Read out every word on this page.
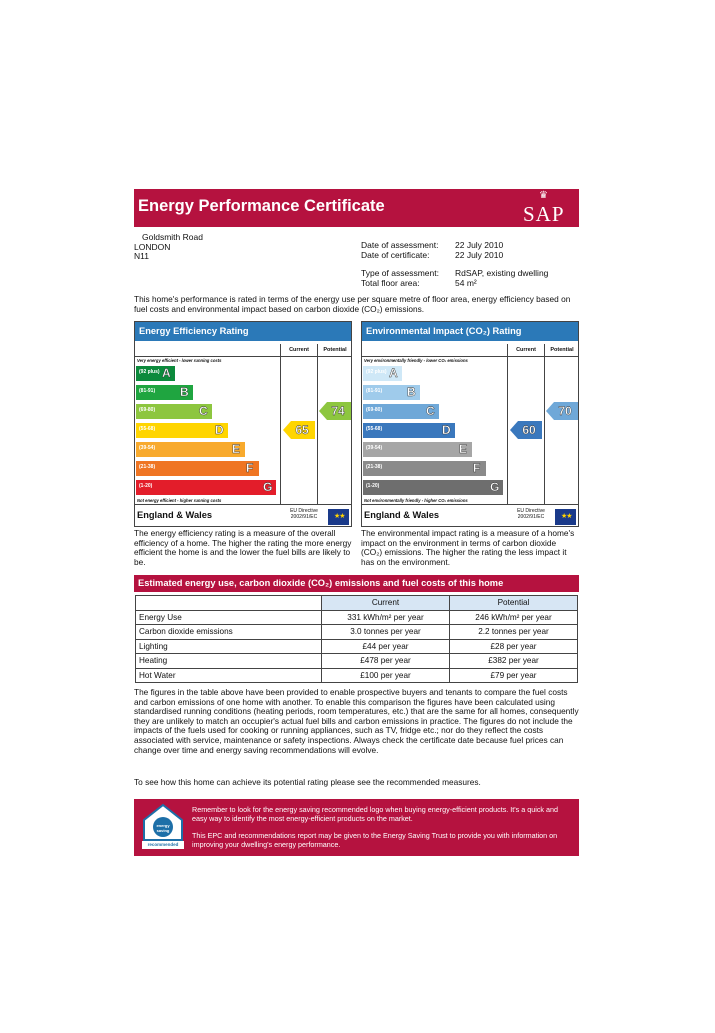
Energy Performance Certificate
♛
SAP
Goldsmith Road
LONDON
N11
Date of assessment:	22 July 2010
Date of certificate:	22 July 2010
Type of assessment:	RdSAP, existing dwelling
Total floor area:	54 m²
This home's performance is rated in terms of the energy use per square metre of floor area, energy efficiency based on fuel costs and environmental impact based on carbon dioxide (CO₂) emissions.
Energy Efficiency Rating
Current	Potential
Very energy efficient - lower running costs
Not energy efficient - higher running costs
(92 plus) A
(81-91) B
(69-80)	C
(55-68)	D
(39-54)	E
(21-38)	F
(1-20)	G
65
74
England & Wales	EU Directive 2002/91/EC	★★
The energy efficiency rating is a measure of the overall efficiency of a home. The higher the rating the more energy efficient the home is and the lower the fuel bills are likely to be.
Environmental Impact (CO₂) Rating
Current	Potential
Very environmentally friendly - lower CO₂ emissions
Not environmentally friendly - higher CO₂ emissions
(92 plus) A
(81-91) B
(69-80)	C
(55-68)	D
(39-54)	E
(21-38)	F
(1-20)	G
60
70
England & Wales	EU Directive 2002/91/EC	★★
The environmental impact rating is a measure of a home's impact on the environment in terms of carbon dioxide (CO₂) emissions. The higher the rating the less impact it has on the environment.
Estimated energy use, carbon dioxide (CO₂) emissions and fuel costs of this home
	Current	Potential
Energy Use	331 kWh/m² per year	246 kWh/m² per year
Carbon dioxide emissions	3.0 tonnes per year	2.2 tonnes per year
Lighting	£44 per year	£28 per year
Heating	£478 per year	£382 per year
Hot Water	£100 per year	£79 per year
The figures in the table above have been provided to enable prospective buyers and tenants to compare the fuel costs and carbon emissions of one home with another. To enable this comparison the figures have been calculated using standardised running conditions (heating periods, room temperatures, etc.) that are the same for all homes, consequently they are unlikely to match an occupier's actual fuel bills and carbon emissions in practice. The figures do not include the impacts of the fuels used for cooking or running appliances, such as TV, fridge etc.; nor do they reflect the costs associated with service, maintenance or safety inspections. Always check the certificate date because fuel prices can change over time and energy saving recommendations will evolve.
To see how this home can achieve its potential rating please see the recommended measures.
energy saving
recommended
Remember to look for the energy saving recommended logo when buying energy-efficient products. It's a quick and easy way to identify the most energy-efficient products on the market.
This EPC and recommendations report may be given to the Energy Saving Trust to provide you with information on improving your dwelling's energy performance.
